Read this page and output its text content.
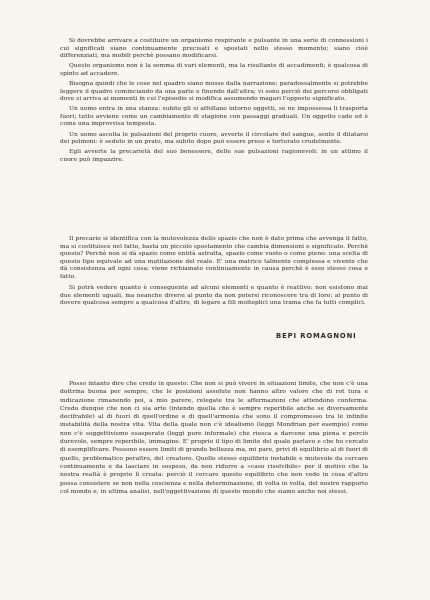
Si dovrebbe arrivare a costituire un organismo respirante e pulsante in una serie di connessioni i cui significati siano continuamente precisati e spostati nello stesso momento; siano cioè differenziati, ma mobili perchè possano modificarsi.

Questo organismo non è la somma di vari elementi, ma la risultante di accadimenti; è qualcosa di spinto ad accadere.

Bisogna quindi che le cose nel quadro siano mosse dalla narrazione; paradossalmente si potrebbe leggere il quadro cominciando da una parte e finendo dall'altra; vi sono perciò dei percorsi obbligati dove si arriva ai momenti in cui l'episodio si modifica assumendo magari l'opposto significato.

Un uomo entra in una stanza: subito gli si affollano intorno oggetti, se ne impossessa li trasporta fuori; tutto avviene come un cambiamento di stagione con passaggi graduali. Un oggetto cade ed è come una improvvisa tempesta.

Un uomo ascolta le pulsazioni del proprio cuore, avverte il circolare del sangue, sente il dilatarsi dei polmoni: è seduto in un prato, ma subito dopo può essere preso e torturato crudelmente.

Egli avverte la precarietà del suo benessere, delle sue pulsazioni ragionevoli: in un attimo il cuore può impazzire.

Il precario si identifica con la mutevolezza dello spazio che non è dato prima che avvenga il fatto, ma si costituisce nel fatto, basta un piccolo spostamento che cambia dimensioni e significato. Perchè questo? Perchè non si dà spazio come entità astratta, spazio come vuoto o come pieno: una scelta di questo tipo equivale ad una mutilazione del reale. E' una matrice talmente complessa e vivente che dà consistenza ad ogni cosa; viene richiamato continuamente in causa perchè è esso stesso cosa e fatto.

Si potrà vedere quanto è conseguente ad alcuni elementi e quanto è reattivo: non esistono mai due elementi uguali, ma neanche diversi al punto da non potersi riconoscere tra di loro; al punto di dovere qualcosa sempre a qualcosa d'altro, di legare a fili molteplici una trama che fa tutti complici.

BEPI ROMAGNONI

Posso intanto dire che credo in questo: Che non si può vivere in situazioni limite, che non c'è una dottrina buona per sempre, che le posizioni assolute non hanno altro valore che di rot tura e indicazione rimanendo poi, a mio parere, relegate tra le affermazioni che attendono conferma. Credo dunque che non ci sia arte (intendo quella che è sempre reperibile anche se diversamente decifrabile) al di fuori di quell'ordine e di quell'armonia che sono il compromesso tra le infinite instabilità della nostra vita. Vita della quale non c'è idealismo (leggi Mondrian per esempio) come non c'è soggettivismo esasperato (leggi pure informale) che riesca a darcene una piena e perciò durevole, sempre reperibile, immagine. E' proprio il tipo di limite del quale parlavo e che ho cercato di esemplificare. Possono essere limiti di grande bellezza ma, mi pare, privi di equilibrio al di fuori di quello, problematico peraltro, del creatore. Quello stesso equilibrio instabile e mutevole da cercare continuamente e da lasciare in sospeso, da non ridurre a «caso risolvibile» per il motivo che la nostra realtà è proprio lì creata: perciò il cercare questo equilibrio che non vedo in cosa d'altro possa consistere se non nella coscienza e nella determinazione, di volta in volta, del nostro rapporto col mondo e, in ultima analisi, nell'oggettivazione di questo mondo che siamo anche noi stessi.
